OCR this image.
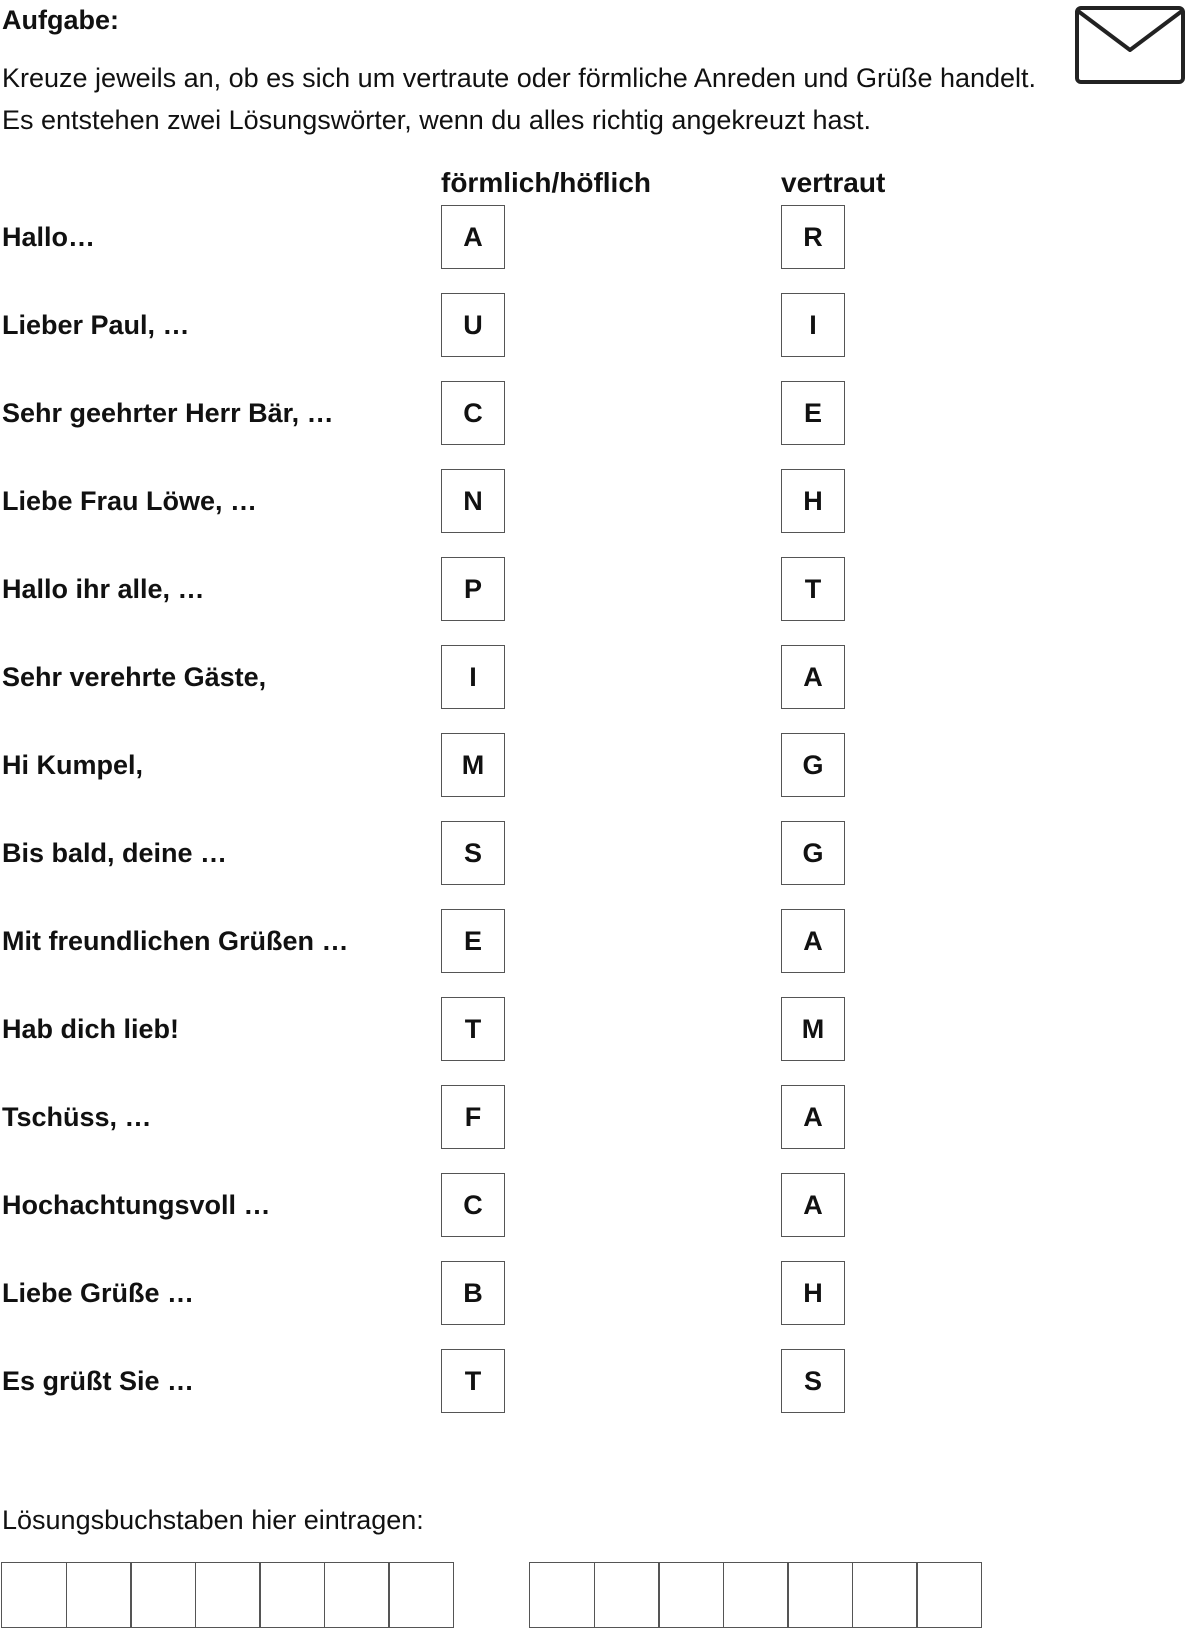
Aufgabe:
Kreuze jeweils an, ob es sich um vertraute oder förmliche Anreden und Grüße handelt. Es entstehen zwei Lösungswörter, wenn du alles richtig angekreuzt hast.
förmlich/höflich	vertraut
Hallo…	A	R
Lieber Paul, …	U	I
Sehr geehrter Herr Bär, …	C	E
Liebe Frau Löwe, …	N	H
Hallo ihr alle, …	P	T
Sehr verehrte Gäste,	I	A
Hi Kumpel,	M	G
Bis bald, deine …	S	G
Mit freundlichen Grüßen …	E	A
Hab dich lieb!	T	M
Tschüss, …	F	A
Hochachtungsvoll …	C	A
Liebe Grüße …	B	H
Es grüßt Sie …	T	S
Lösungsbuchstaben hier eintragen:
